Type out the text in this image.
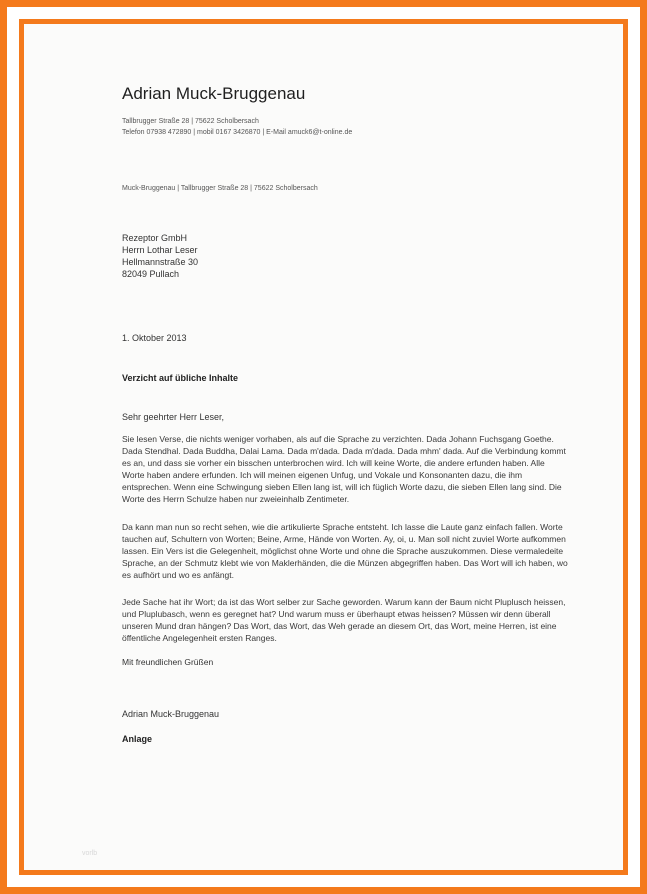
Adrian Muck-Bruggenau
Tallbrugger Straße 28 | 75622 Scholbersach
Telefon 07938 472890 | mobil 0167 3426870 | E-Mail amuck6@t-online.de
Muck-Bruggenau | Tallbrugger Straße 28 | 75622 Scholbersach
Rezeptor GmbH
Herrn Lothar Leser
Hellmannstraße 30
82049 Pullach
1. Oktober 2013
Verzicht auf übliche Inhalte
Sehr geehrter Herr Leser,
Sie lesen Verse, die nichts weniger vorhaben, als auf die Sprache zu verzichten. Dada Johann Fuchsgang Goethe. Dada Stendhal. Dada Buddha, Dalai Lama. Dada m'dada. Dada m'dada. Dada mhm' dada. Auf die Verbindung kommt es an, und dass sie vorher ein bisschen unterbrochen wird. Ich will keine Worte, die andere erfunden haben. Alle Worte haben andere erfunden. Ich will meinen eigenen Unfug, und Vokale und Konsonanten dazu, die ihm entsprechen. Wenn eine Schwingung sieben Ellen lang ist, will ich füglich Worte dazu, die sieben Ellen lang sind. Die Worte des Herrn Schulze haben nur zweieinhalb Zentimeter.
Da kann man nun so recht sehen, wie die artikulierte Sprache entsteht. Ich lasse die Laute ganz einfach fallen. Worte tauchen auf, Schultern von Worten; Beine, Arme, Hände von Worten. Ay, oi, u. Man soll nicht zuviel Worte aufkommen lassen. Ein Vers ist die Gelegenheit, möglichst ohne Worte und ohne die Sprache auszukommen. Diese vermaledeite Sprache, an der Schmutz klebt wie von Maklerhänden, die die Münzen abgegriffen haben. Das Wort will ich haben, wo es aufhört und wo es anfängt.
Jede Sache hat ihr Wort; da ist das Wort selber zur Sache geworden. Warum kann der Baum nicht Pluplusch heissen, und Pluplubasch, wenn es geregnet hat? Und warum muss er überhaupt etwas heissen? Müssen wir denn überall unseren Mund dran hängen? Das Wort, das Wort, das Weh gerade an diesem Ort, das Wort, meine Herren, ist eine öffentliche Angelegenheit ersten Ranges.
Mit freundlichen Grüßen
Adrian Muck-Bruggenau
Anlage
vorlb
